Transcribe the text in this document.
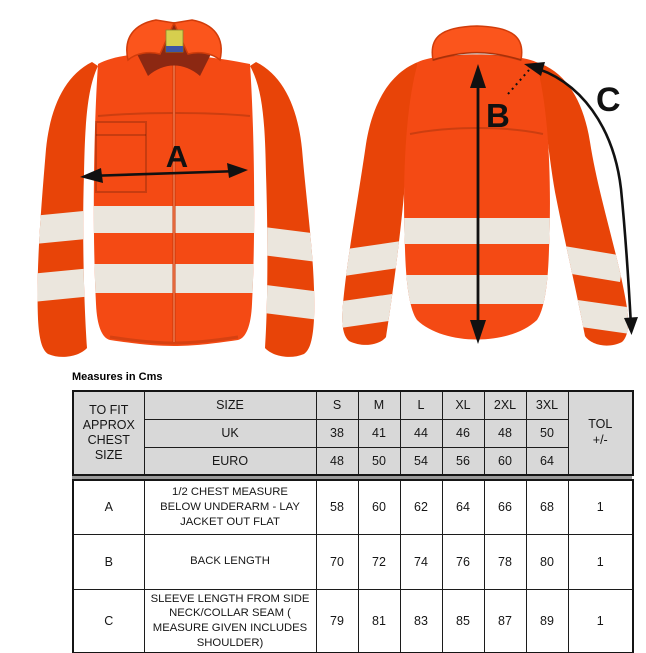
A
B	C
Measures in Cms
TO FIT APPROX CHEST SIZE	SIZE	S	M	L	XL	2XL	3XL	TOL
+/-

	UK	38	41	44	46	48	50	
	EURO	48	50	54	56	60	64	
A	1/2 CHEST MEASURE BELOW UNDERARM - LAY JACKET OUT FLAT	58	60	62	64	66	68	1
B	BACK LENGTH	70	72	74	76	78	80	1
C	SLEEVE LENGTH FROM SIDE NECK/COLLAR SEAM ( MEASURE GIVEN INCLUDES SHOULDER)	79	81	83	85	87	89	1
